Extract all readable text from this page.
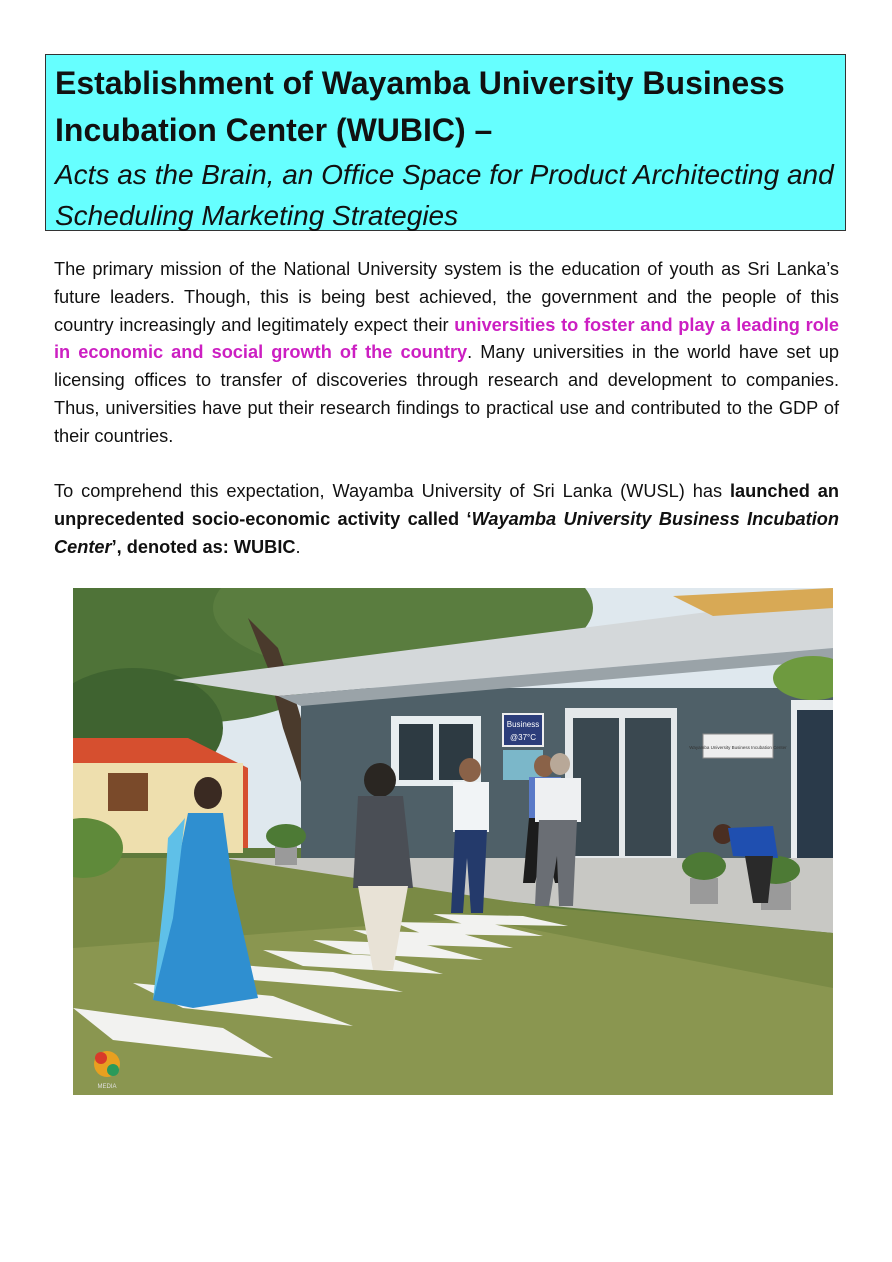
Establishment of Wayamba University Business Incubation Center (WUBIC) –
Acts as the Brain, an Office Space for Product Architecting and Scheduling Marketing Strategies

The primary mission of the National University system is the education of youth as Sri Lanka’s future leaders. Though, this is being best achieved, the government and the people of this country increasingly and legitimately expect their universities to foster and play a leading role in economic and social growth of the country. Many universities in the world have set up licensing offices to transfer of discoveries through research and development to companies. Thus, universities have put their research findings to practical use and contributed to the GDP of their countries.

To comprehend this expectation, Wayamba University of Sri Lanka (WUSL) has launched an unprecedented socio-economic activity called ‘Wayamba University Business Incubation Center’, denoted as: WUBIC.

Business
@37°C
Wayamba University Business Incubation Center
MEDIA
